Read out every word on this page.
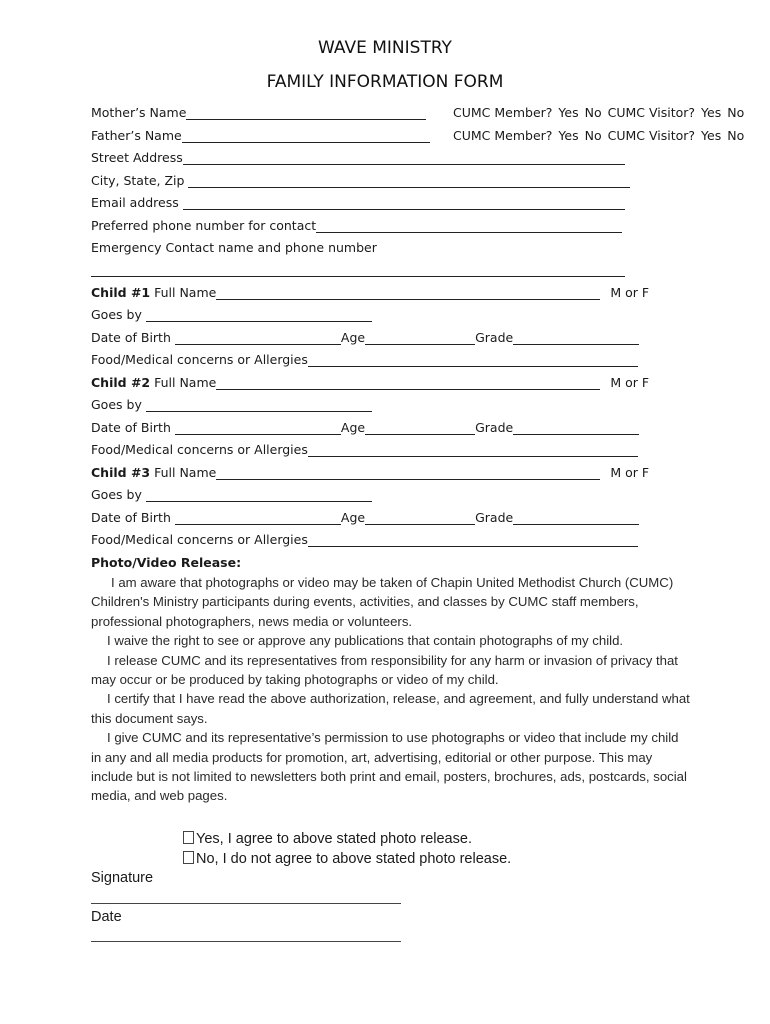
WAVE MINISTRY
FAMILY INFORMATION FORM
Mother’s Name	CUMC Member? Yes No CUMC Visitor? Yes No
Father’s Name	CUMC Member? Yes No CUMC Visitor? Yes No
Street Address
City, State, Zip
Email address
Preferred phone number for contact
Emergency Contact name and phone number
Child #1
Full Name	M or F
Goes by
Date of Birth	Age	Grade
Food/Medical concerns or Allergies
Child #2
Full Name	M or F
Goes by
Date of Birth	Age	Grade
Food/Medical concerns or Allergies
Child #3
Full Name	M or F
Goes by
Date of Birth	Age	Grade
Food/Medical concerns or Allergies
Photo/Video Release:

I am aware that photographs or video may be taken of Chapin United Methodist Church (CUMC) Children's Ministry participants during events, activities, and classes by CUMC staff members, professional photographers, news media or volunteers.

I waive the right to see or approve any publications that contain photographs of my child.

I release CUMC and its representatives from responsibility for any harm or invasion of privacy that may occur or be produced by taking photographs or video of my child.

I certify that I have read the above authorization, release, and agreement, and fully understand what this document says.

I give CUMC and its representative’s permission to use photographs or video that include my child in any and all media products for promotion, art, advertising, editorial or other purpose. This may include but is not limited to newsletters both print and email, posters, brochures, ads, postcards, social media, and web pages.

Yes, I agree to above stated photo release.
No, I do not agree to above stated photo release.
Signature
Date
